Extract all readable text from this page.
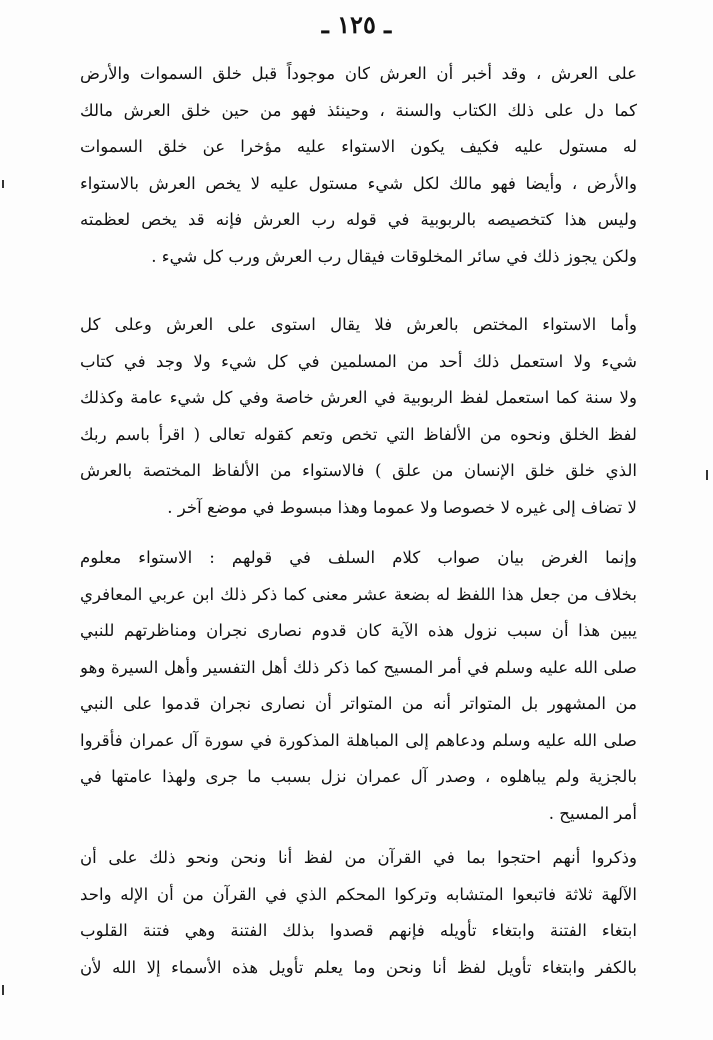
ـ ١٢٥ ـ
على العرش ، وقد أخبر أن العرش كان موجوداً قبل خلق السموات والأرض
كما دل على ذلك الكتاب والسنة ، وحينئذ فهو من حين خلق العرش مالك
له مستول عليه فكيف يكون الاستواء عليه مؤخرا عن خلق السموات
والأرض ، وأيضا فهو مالك لكل شيء مستول عليه لا يخص العرش بالاستواء
وليس هذا كتخصيصه بالربوبية في قوله رب العرش فإنه قد يخص لعظمته
ولكن يجوز ذلك في سائر المخلوقات فيقال رب العرش ورب كل شيء .
وأما الاستواء المختص بالعرش فلا يقال استوى على العرش وعلى كل
شيء ولا استعمل ذلك أحد من المسلمين في كل شيء ولا وجد في كتاب
ولا سنة كما استعمل لفظ الربوبية في العرش خاصة وفي كل شيء عامة وكذلك
لفظ الخلق ونحوه من الألفاظ التي تخص وتعم كقوله تعالى ( اقرأ باسم ربك
الذي خلق خلق الإنسان من علق ) فالاستواء من الألفاظ المختصة بالعرش
لا تضاف إلى غيره لا خصوصا ولا عموما وهذا مبسوط في موضع آخر .
وإنما الغرض بيان صواب كلام السلف في قولهم : الاستواء معلوم
بخلاف من جعل هذا اللفظ له بضعة عشر معنى كما ذكر ذلك ابن عربي المعافري
يبين هذا أن سبب نزول هذه الآية كان قدوم نصارى نجران ومناظرتهم للنبي
صلى الله عليه وسلم في أمر المسيح كما ذكر ذلك أهل التفسير وأهل السيرة وهو
من المشهور بل المتواتر أنه من المتواتر أن نصارى نجران قدموا على النبي
صلى الله عليه وسلم ودعاهم إلى المباهلة المذكورة في سورة آل عمران فأقروا
بالجزية ولم يباهلوه ، وصدر آل عمران نزل بسبب ما جرى ولهذا عامتها في
أمر المسيح .
وذكروا أنهم احتجوا بما في القرآن من لفظ أنا ونحن ونحو ذلك على أن
الآلهة ثلاثة فاتبعوا المتشابه وتركوا المحكم الذي في القرآن من أن الإله واحد
ابتغاء الفتنة وابتغاء تأويله فإنهم قصدوا بذلك الفتنة وهي فتنة القلوب
بالكفر وابتغاء تأويل لفظ أنا ونحن وما يعلم تأويل هذه الأسماء إلا الله لأن
